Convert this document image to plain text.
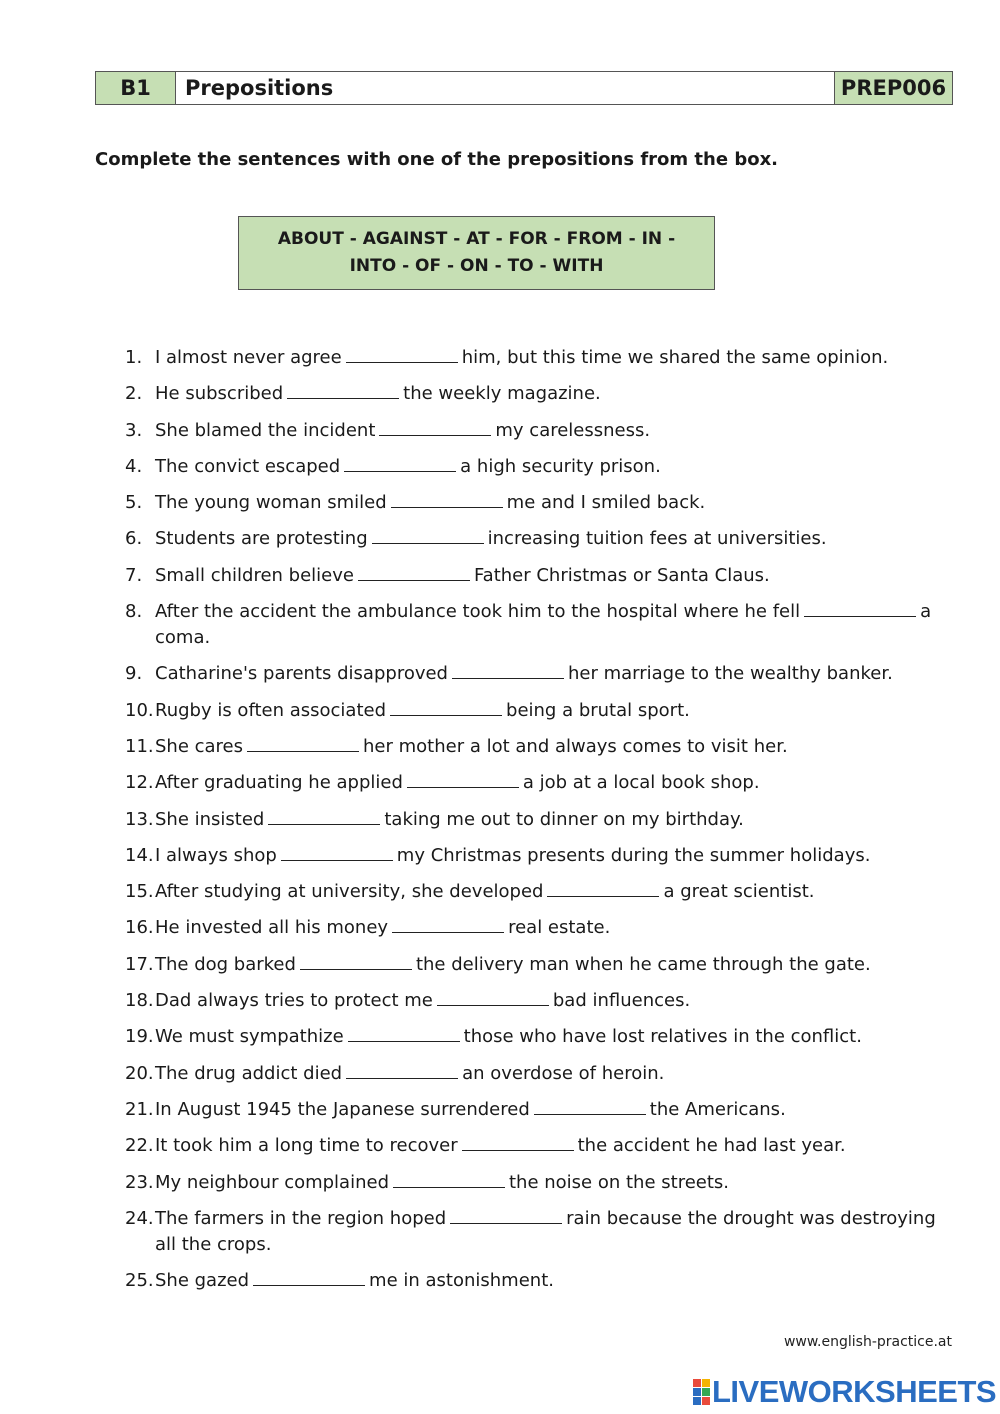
B1	Prepositions	PREP006
Complete the sentences with one of the prepositions from the box.
ABOUT - AGAINST - AT - FOR - FROM - IN -
INTO - OF - ON - TO - WITH
1. I almost never agree	him, but this time we shared the same opinion.
2. He subscribed	the weekly magazine.
3. She blamed the incident	my carelessness.
4. The convict escaped	a high security prison.
5. The young woman smiled	me and I smiled back.
6. Students are protesting	increasing tuition fees at universities.
7. Small children believe	Father Christmas or Santa Claus.
8. After the accident the ambulance took him to the hospital where he fell	a coma.
9. Catharine's parents disapproved	her marriage to the wealthy banker.
10. Rugby is often associated	being a brutal sport.
11. She cares	her mother a lot and always comes to visit her.
12. After graduating he applied	a job at a local book shop.
13. She insisted	taking me out to dinner on my birthday.
14. I always shop	my Christmas presents during the summer holidays.
15. After studying at university, she developed	a great scientist.
16. He invested all his money	real estate.
17. The dog barked	the delivery man when he came through the gate.
18. Dad always tries to protect me	bad influences.
19. We must sympathize	those who have lost relatives in the conflict.
20. The drug addict died	an overdose of heroin.
21. In August 1945 the Japanese surrendered	the Americans.
22. It took him a long time to recover	the accident he had last year.
23. My neighbour complained	the noise on the streets.
24. The farmers in the region hoped	rain because the drought was destroying all the crops.
25. She gazed	me in astonishment.
www.english-practice.at
LIVEWORKSHEETS
